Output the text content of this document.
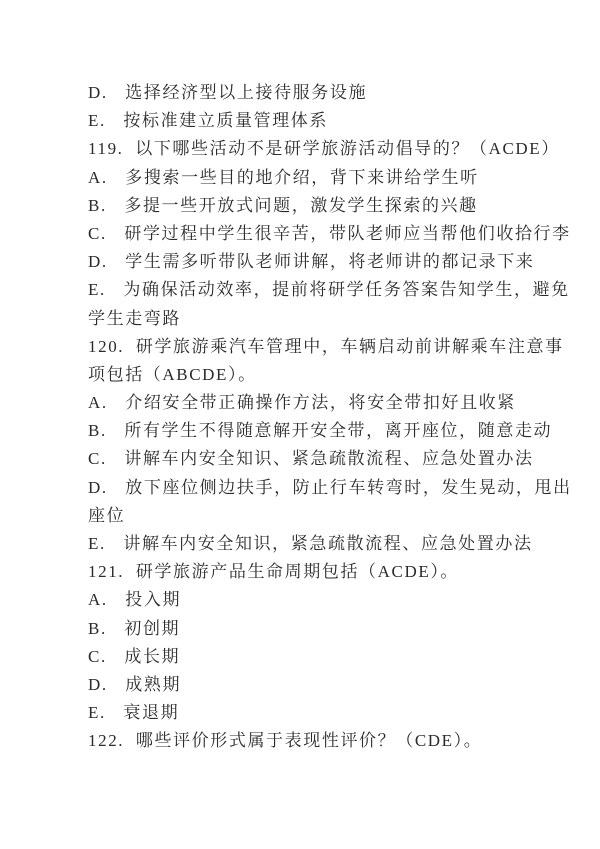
D.   选择经济型以上接待服务设施
E.   按标准建立质量管理体系
119.  以下哪些活动不是研学旅游活动倡导的？（ACDE）
A.   多搜索一些目的地介绍，背下来讲给学生听
B.   多提一些开放式问题，激发学生探索的兴趣
C.   研学过程中学生很辛苦，带队老师应当帮他们收拾行李
D.   学生需多听带队老师讲解，将老师讲的都记录下来
E.   为确保活动效率，提前将研学任务答案告知学生，避免
学生走弯路
120.  研学旅游乘汽车管理中，车辆启动前讲解乘车注意事
项包括（ABCDE）。
A.   介绍安全带正确操作方法，将安全带扣好且收紧
B.   所有学生不得随意解开安全带，离开座位，随意走动
C.   讲解车内安全知识、紧急疏散流程、应急处置办法
D.   放下座位侧边扶手，防止行车转弯时，发生晃动，甩出
座位
E.   讲解车内安全知识，紧急疏散流程、应急处置办法
121.  研学旅游产品生命周期包括（ACDE）。
A.   投入期
B.   初创期
C.   成长期
D.   成熟期
E.   衰退期
122.  哪些评价形式属于表现性评价？（CDE）。
